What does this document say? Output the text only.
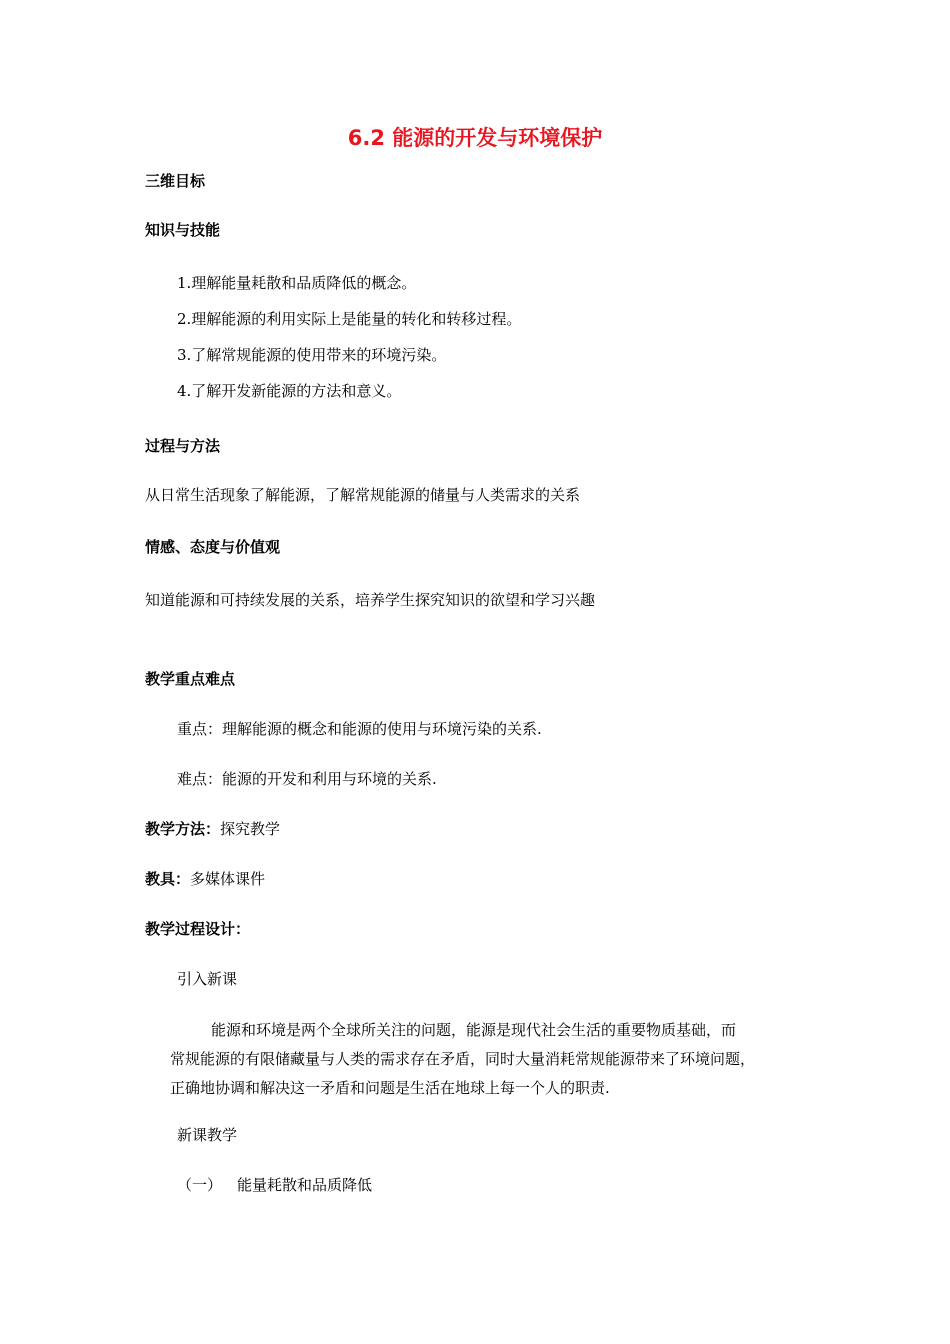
6.2 能源的开发与环境保护
三维目标
知识与技能
1.理解能量耗散和品质降低的概念。
2.理解能源的利用实际上是能量的转化和转移过程。
3.了解常规能源的使用带来的环境污染。
4.了解开发新能源的方法和意义。
过程与方法
从日常生活现象了解能源，了解常规能源的储量与人类需求的关系
情感、态度与价值观
知道能源和可持续发展的关系，培养学生探究知识的欲望和学习兴趣
教学重点难点
重点：理解能源的概念和能源的使用与环境污染的关系.
难点：能源的开发和利用与环境的关系.
教学方法：探究教学
教具：多媒体课件
教学过程设计：
引入新课
能源和环境是两个全球所关注的问题，能源是现代社会生活的重要物质基础，而
常规能源的有限储藏量与人类的需求存在矛盾，同时大量消耗常规能源带来了环境问题，
正确地协调和解决这一矛盾和问题是生活在地球上每一个人的职责.
新课教学
（一） 能量耗散和品质降低
